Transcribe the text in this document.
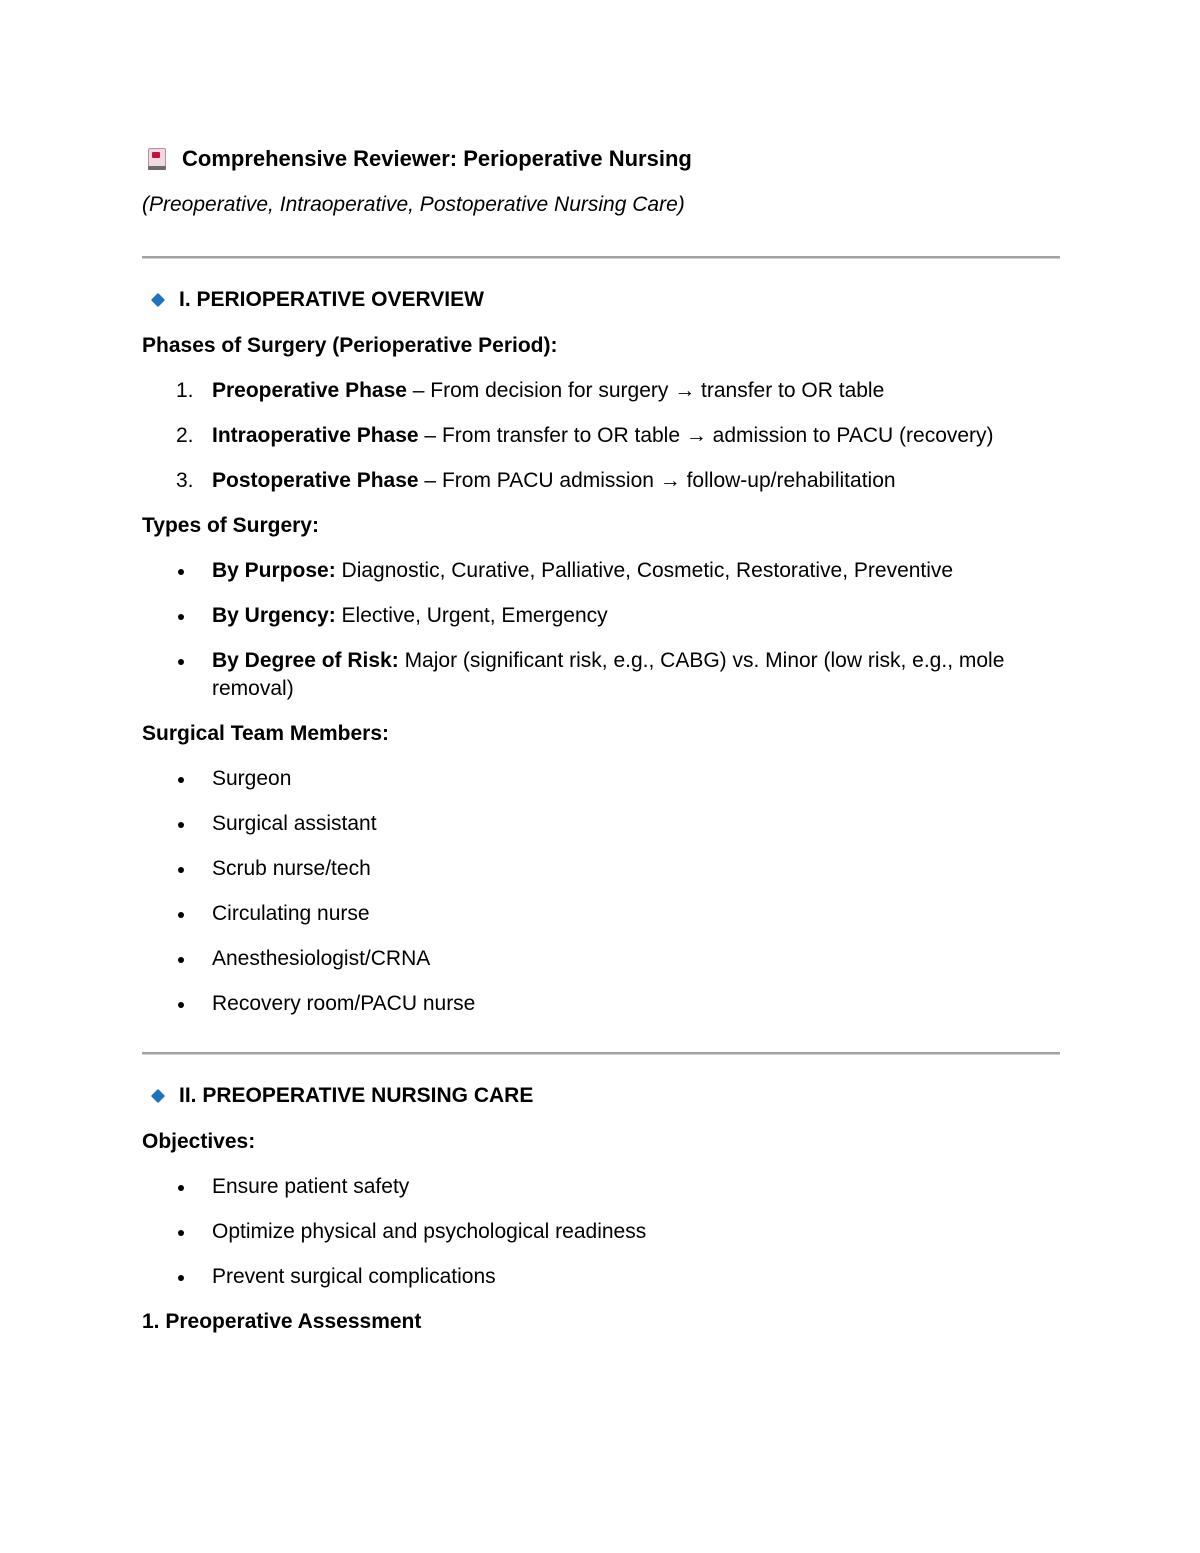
Comprehensive Reviewer: Perioperative Nursing
(Preoperative, Intraoperative, Postoperative Nursing Care)
I. PERIOPERATIVE OVERVIEW
Phases of Surgery (Perioperative Period):
1. Preoperative Phase – From decision for surgery → transfer to OR table
2. Intraoperative Phase – From transfer to OR table → admission to PACU (recovery)
3. Postoperative Phase – From PACU admission → follow-up/rehabilitation
Types of Surgery:
By Purpose: Diagnostic, Curative, Palliative, Cosmetic, Restorative, Preventive
By Urgency: Elective, Urgent, Emergency
By Degree of Risk: Major (significant risk, e.g., CABG) vs. Minor (low risk, e.g., mole removal)
Surgical Team Members:
Surgeon
Surgical assistant
Scrub nurse/tech
Circulating nurse
Anesthesiologist/CRNA
Recovery room/PACU nurse
II. PREOPERATIVE NURSING CARE
Objectives:
Ensure patient safety
Optimize physical and psychological readiness
Prevent surgical complications
1. Preoperative Assessment
